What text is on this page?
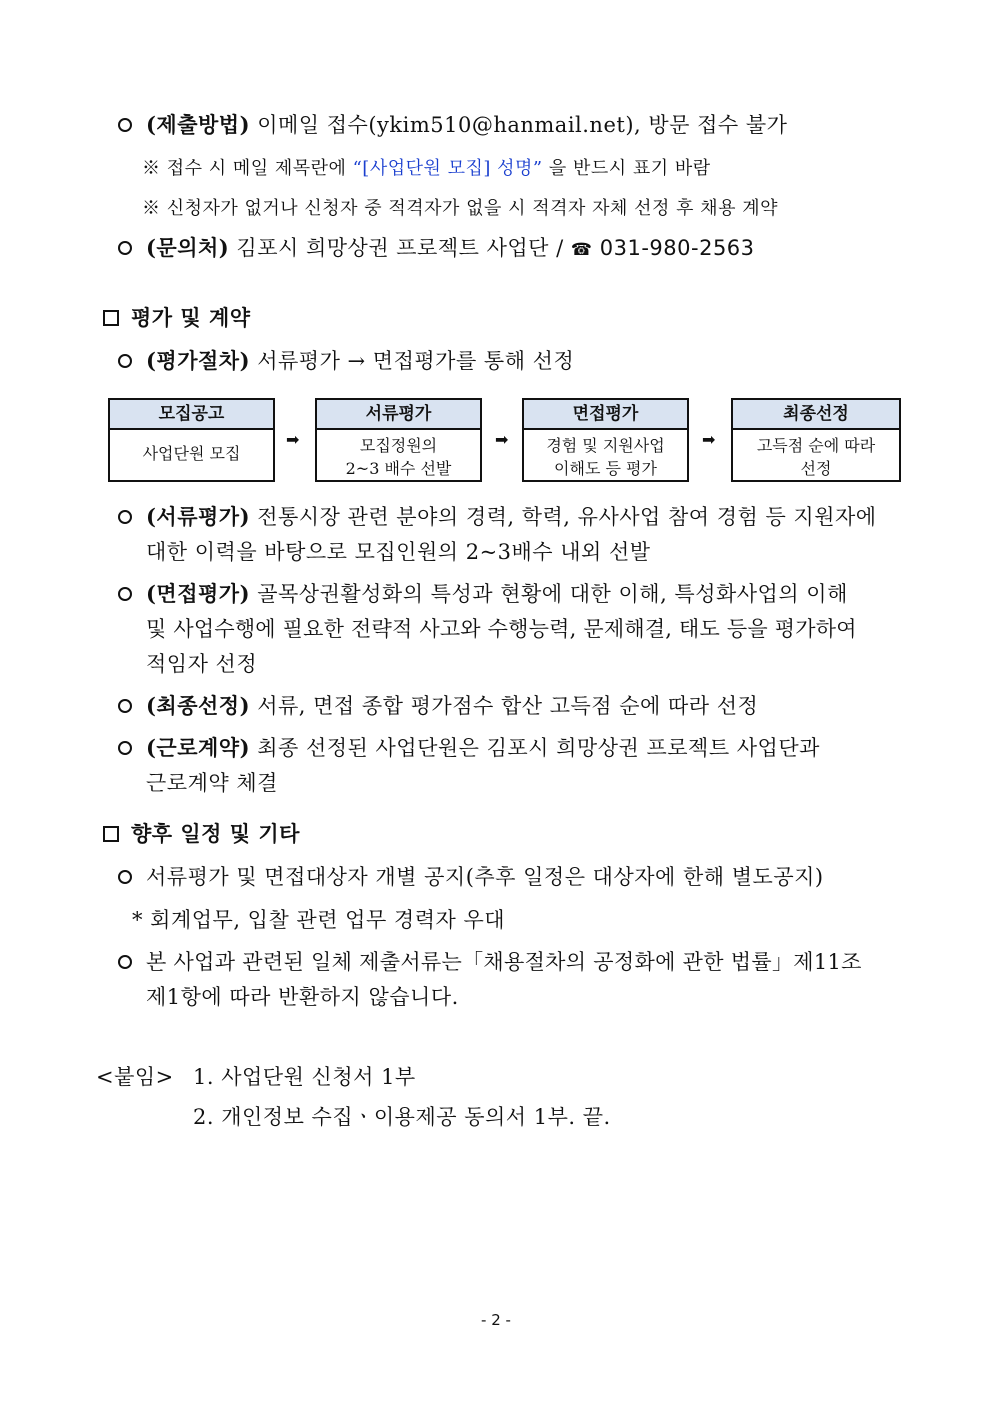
(제출방법) 이메일 접수(ykim510@hanmail.net), 방문 접수 불가
※ 접수 시 메일 제목란에 “[사업단원 모집] 성명” 을 반드시 표기 바람
※ 신청자가 없거나 신청자 중 적격자가 없을 시 적격자 자체 선정 후 채용 계약
(문의처) 김포시 희망상권 프로젝트 사업단 / ☎ 031-980-2563
평가 및 계약
(평가절차) 서류평가 → 면접평가를 통해 선정
모집공고
사업단원 모집
➡
서류평가
모집정원의
2~3 배수 선발
➡
면접평가
경험 및 지원사업
이해도 등 평가
➡
최종선정
고득점 순에 따라
선정
(서류평가) 전통시장 관련 분야의 경력, 학력, 유사사업 참여 경험 등 지원자에
대한 이력을 바탕으로 모집인원의 2~3배수 내외 선발
(면접평가) 골목상권활성화의 특성과 현황에 대한 이해, 특성화사업의 이해
및 사업수행에 필요한 전략적 사고와 수행능력, 문제해결, 태도 등을 평가하여
적임자 선정
(최종선정) 서류, 면접 종합 평가점수 합산 고득점 순에 따라 선정
(근로계약) 최종 선정된 사업단원은 김포시 희망상권 프로젝트 사업단과
근로계약 체결
향후 일정 및 기타
서류평가 및 면접대상자 개별 공지(추후 일정은 대상자에 한해 별도공지)
* 회계업무, 입찰 관련 업무 경력자 우대
본 사업과 관련된 일체 제출서류는「채용절차의 공정화에 관한 법률」제11조
제1항에 따라 반환하지 않습니다.
<붙임> 1. 사업단원 신청서 1부
2. 개인정보 수집ㆍ이용제공 동의서 1부. 끝.
- 2 -
